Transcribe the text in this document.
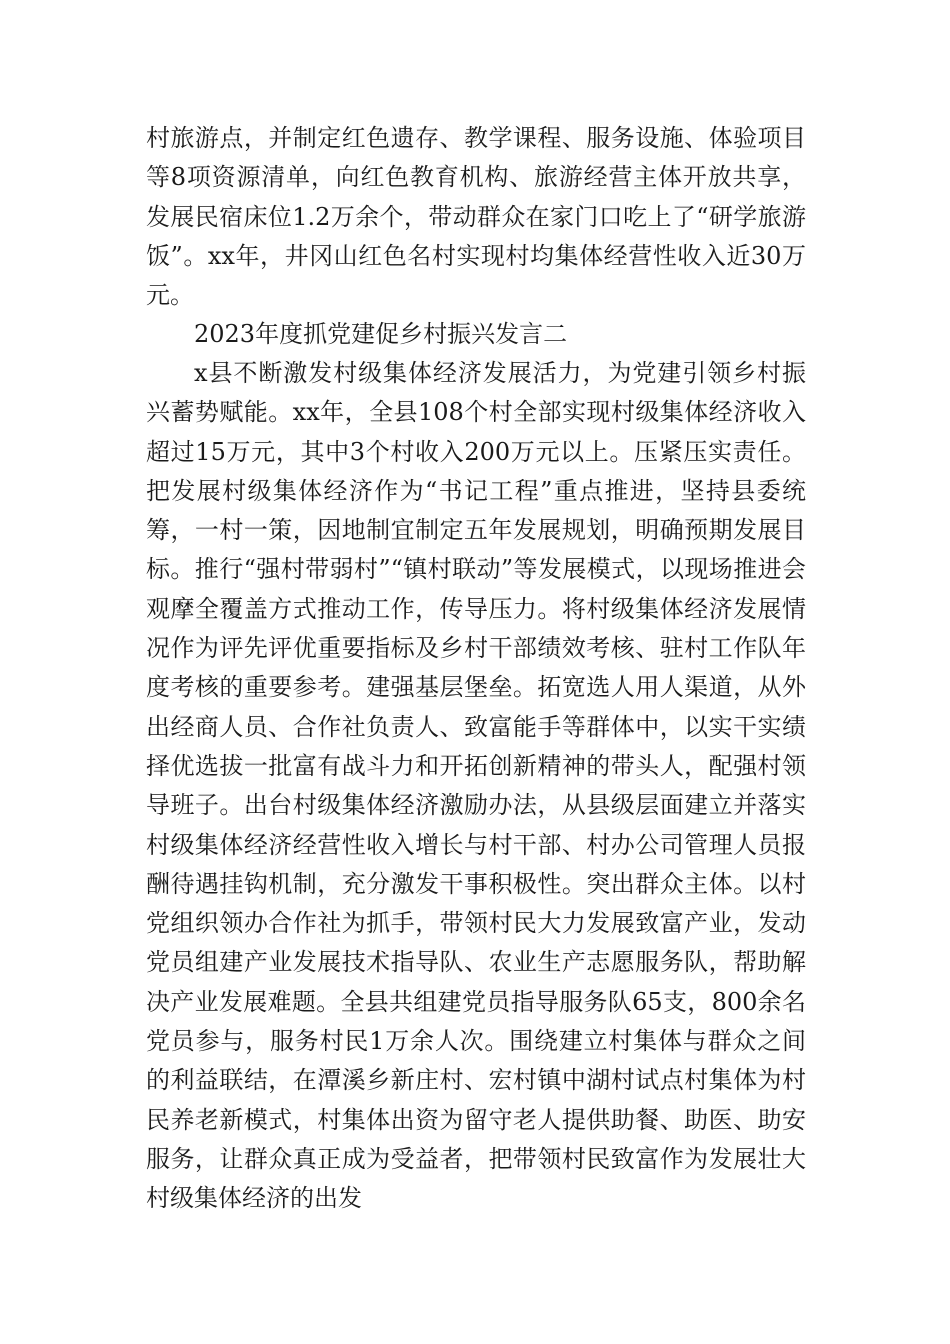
村旅游点，并制定红色遗存、教学课程、服务设施、体验项目等8项资源清单，向红色教育机构、旅游经营主体开放共享，发展民宿床位1.2万余个，带动群众在家门口吃上了“研学旅游饭”。xx年，井冈山红色名村实现村均集体经营性收入近30万元。
2023年度抓党建促乡村振兴发言二
x县不断激发村级集体经济发展活力，为党建引领乡村振兴蓄势赋能。xx年，全县108个村全部实现村级集体经济收入超过15万元，其中3个村收入200万元以上。压紧压实责任。把发展村级集体经济作为“书记工程”重点推进，坚持县委统筹，一村一策，因地制宜制定五年发展规划，明确预期发展目标。推行“强村带弱村”“镇村联动”等发展模式，以现场推进会观摩全覆盖方式推动工作，传导压力。将村级集体经济发展情况作为评先评优重要指标及乡村干部绩效考核、驻村工作队年度考核的重要参考。建强基层堡垒。拓宽选人用人渠道，从外出经商人员、合作社负责人、致富能手等群体中，以实干实绩择优选拔一批富有战斗力和开拓创新精神的带头人，配强村领导班子。出台村级集体经济激励办法，从县级层面建立并落实村级集体经济经营性收入增长与村干部、村办公司管理人员报酬待遇挂钩机制，充分激发干事积极性。突出群众主体。以村党组织领办合作社为抓手，带领村民大力发展致富产业，发动党员组建产业发展技术指导队、农业生产志愿服务队，帮助解决产业发展难题。全县共组建党员指导服务队65支，800余名党员参与，服务村民1万余人次。围绕建立村集体与群众之间的利益联结，在潭溪乡新庄村、宏村镇中湖村试点村集体为村民养老新模式，村集体出资为留守老人提供助餐、助医、助安服务，让群众真正成为受益者，把带领村民致富作为发展壮大村级集体经济的出发
